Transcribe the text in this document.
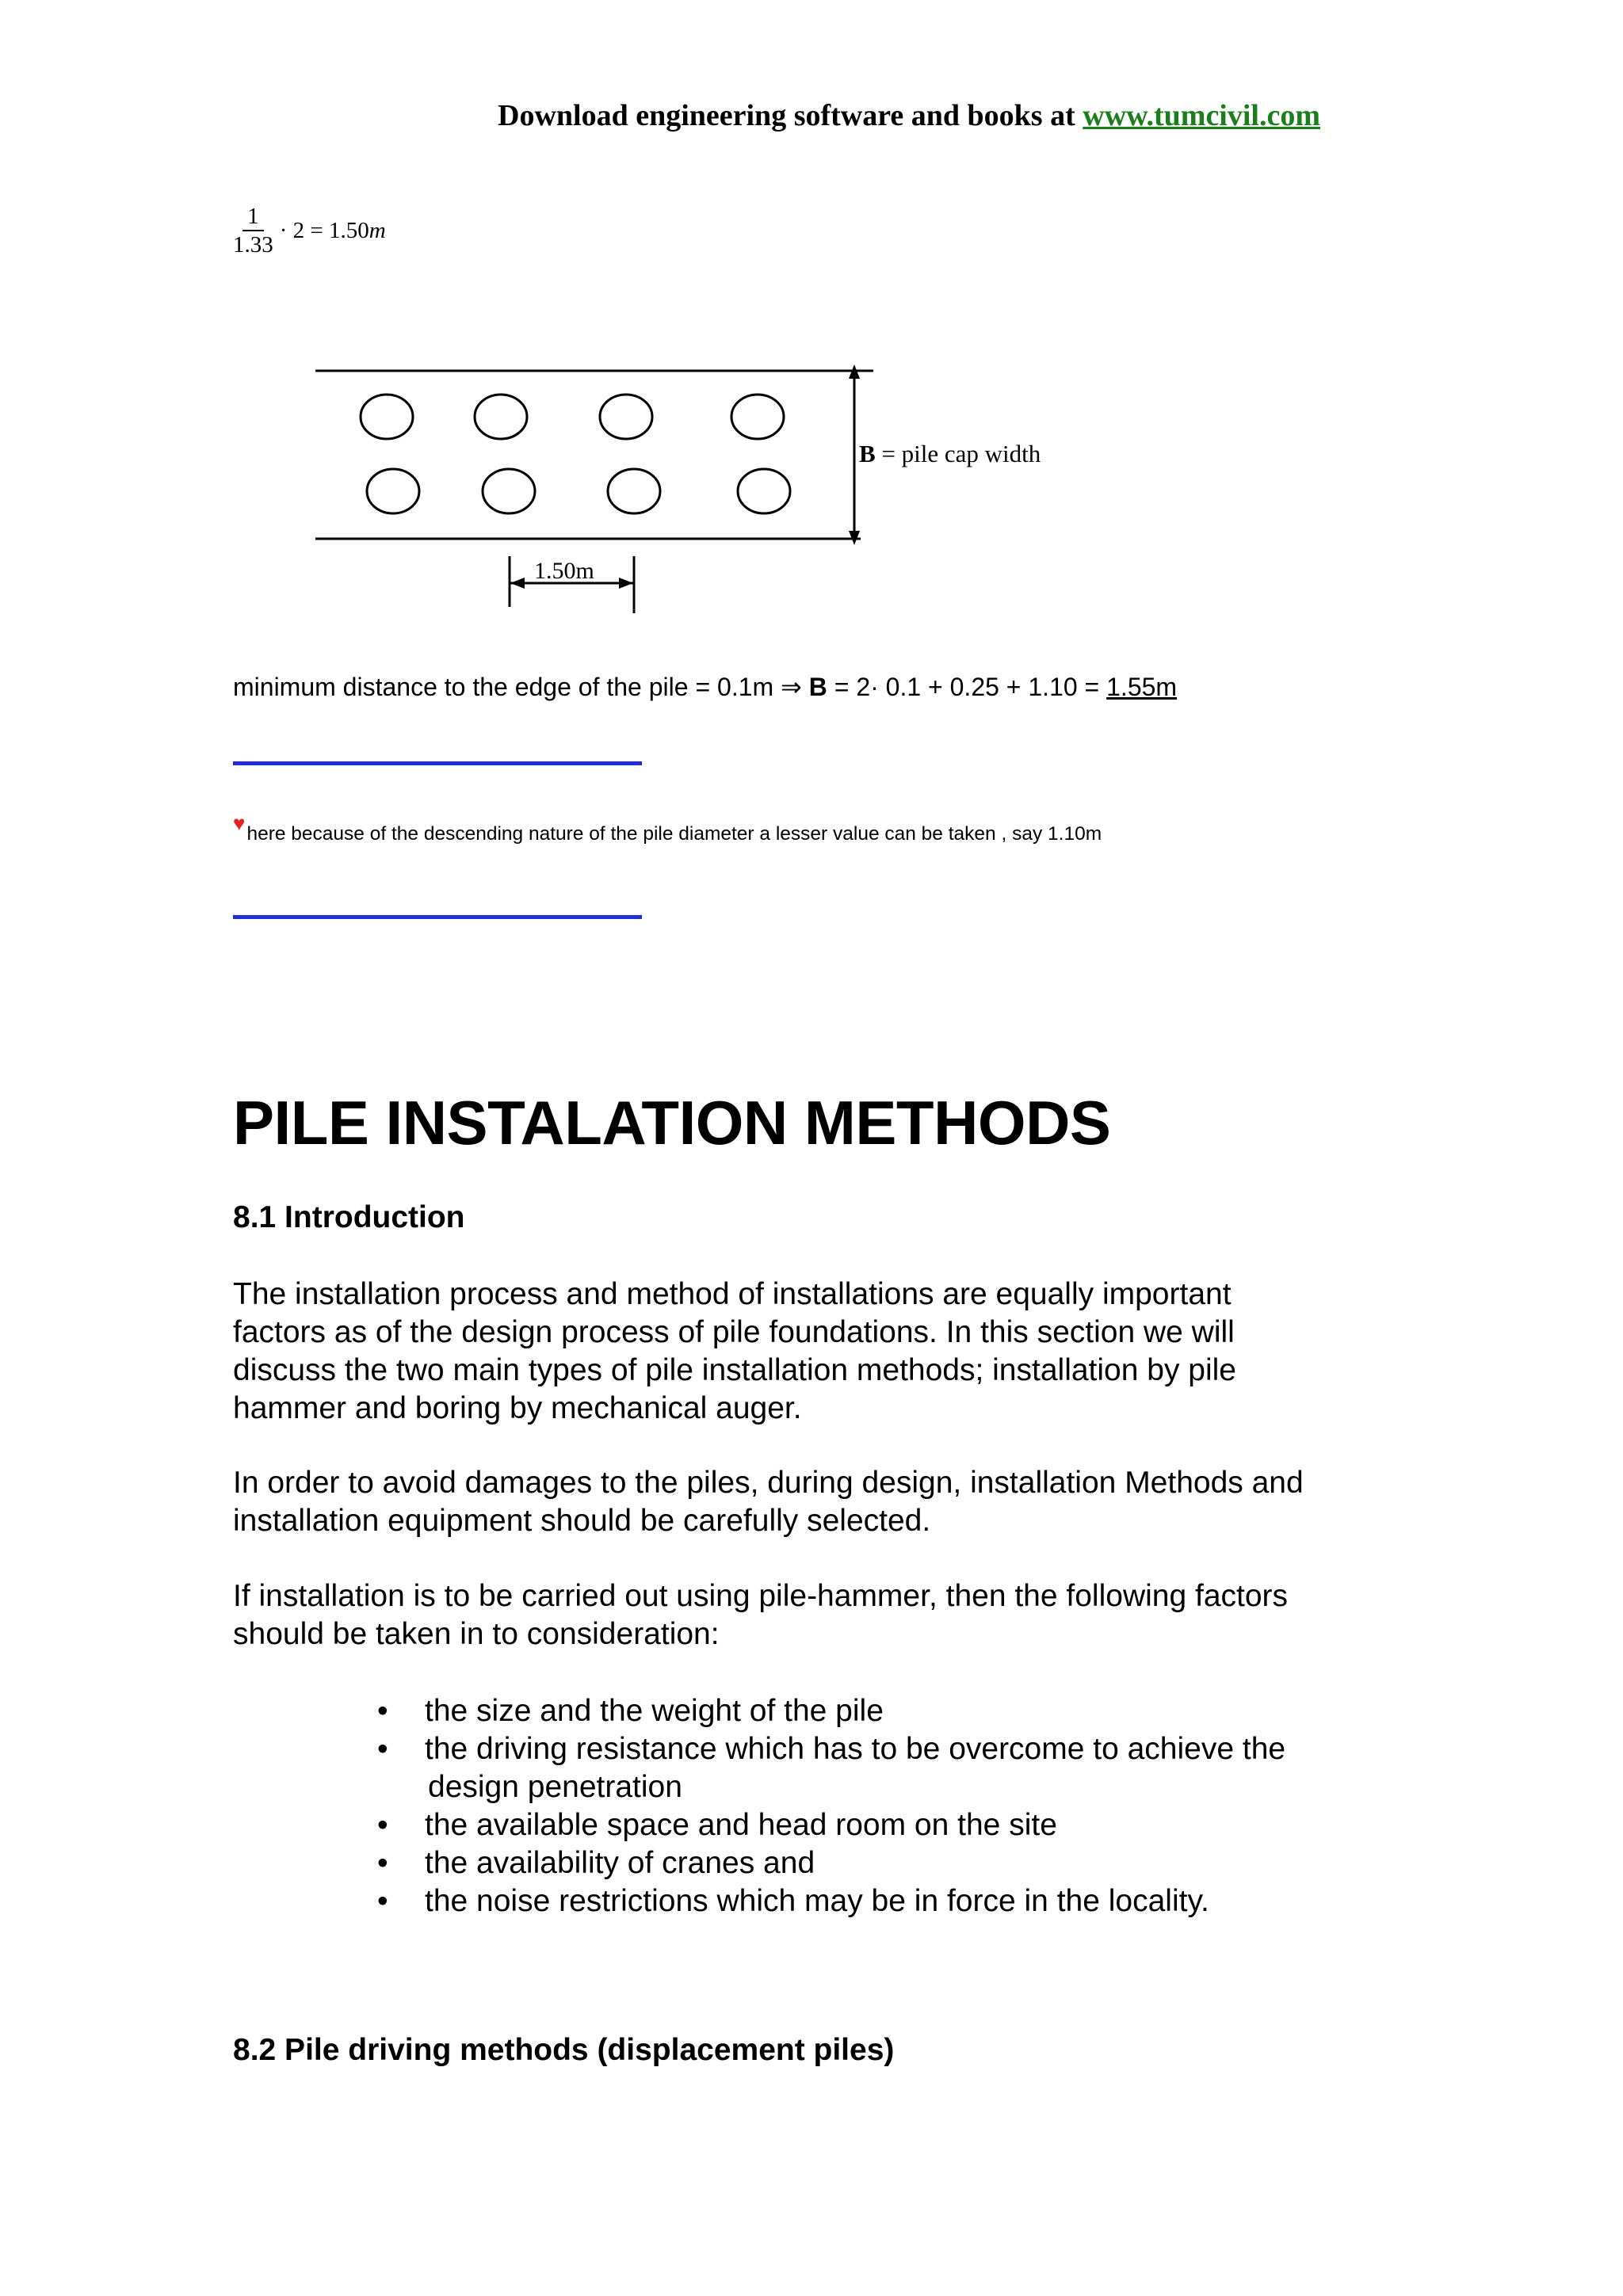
Download engineering software and books at www.tumcivil.com
$\frac{1}{1.33} \cdot 2 = 1.50m$
B = pile cap width
1.50m
minimum distance to the edge of the pile = 0.1m ⇒ B = 2· 0.1 + 0.25 + 1.10 = 1.55m
♥here because of the descending nature of the pile diameter a lesser value can be taken , say 1.10m
PILE INSTALATION METHODS
8.1 Introduction

The installation process and method of installations are equally important

factors as of the design process of pile foundations. In this section we will

discuss the two main types of pile installation methods; installation by pile

hammer and boring by mechanical auger.

In order to avoid damages to the piles, during design, installation Methods and

installation equipment should be carefully selected.

If installation is to be carried out using pile-hammer, then the following factors

should be taken in to consideration:

•	the size and the weight of the pile
•	the driving resistance which has to be overcome to achieve the
design penetration
•	the available space and head room on the site
•	the availability of cranes and
•	the noise restrictions which may be in force in the locality.
8.2 Pile driving methods (displacement piles)
